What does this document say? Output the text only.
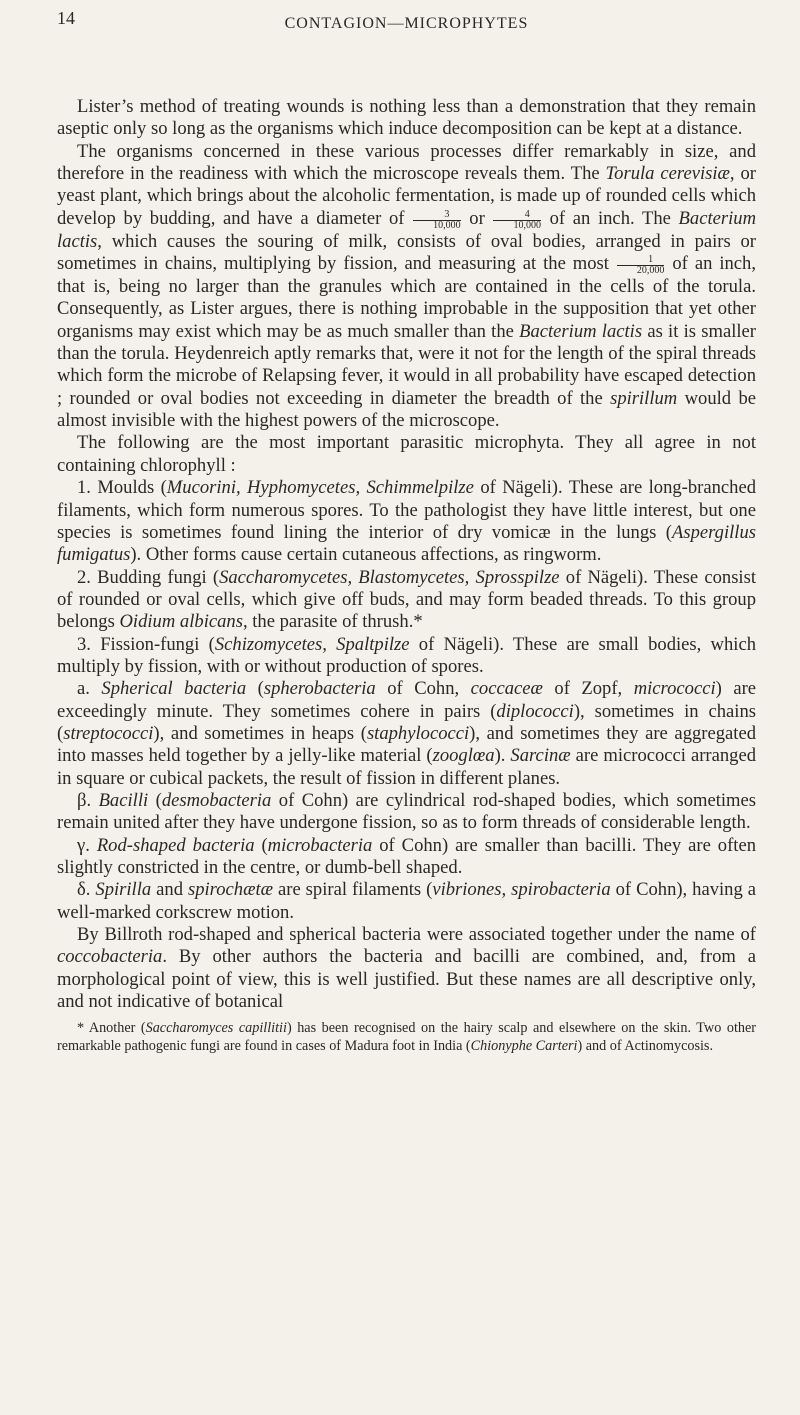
14	CONTAGION—MICROPHYTES

Lister’s method of treating wounds is nothing less than a demonstration that they remain aseptic only so long as the organisms which induce decomposition can be kept at a distance.

The organisms concerned in these various processes differ remarkably in size, and therefore in the readiness with which the microscope reveals them. The Torula cerevisiæ, or yeast plant, which brings about the alcoholic fermentation, is made up of rounded cells which develop by budding, and have a diameter of $\frac{3}{10,000}$ or $\frac{4}{10,000}$ of an inch. The Bacterium lactis, which causes the souring of milk, consists of oval bodies, arranged in pairs or sometimes in chains, multiplying by fission, and measuring at the most $\frac{1}{20,000}$ of an inch, that is, being no larger than the granules which are contained in the cells of the torula. Consequently, as Lister argues, there is nothing improbable in the supposition that yet other organisms may exist which may be as much smaller than the Bacterium lactis as it is smaller than the torula. Heydenreich aptly remarks that, were it not for the length of the spiral threads which form the microbe of Relapsing fever, it would in all probability have escaped detection ; rounded or oval bodies not exceeding in diameter the breadth of the spirillum would be almost invisible with the highest powers of the microscope.

The following are the most important parasitic microphyta. They all agree in not containing chlorophyll :

1. Moulds (Mucorini, Hyphomycetes, Schimmelpilze of Nägeli). These are long-branched filaments, which form numerous spores. To the pathologist they have little interest, but one species is sometimes found lining the interior of dry vomicæ in the lungs (Aspergillus fumigatus). Other forms cause certain cutaneous affections, as ringworm.

2. Budding fungi (Saccharomycetes, Blastomycetes, Sprosspilze of Nägeli). These consist of rounded or oval cells, which give off buds, and may form beaded threads. To this group belongs Oidium albicans, the parasite of thrush.*

3. Fission-fungi (Schizomycetes, Spaltpilze of Nägeli). These are small bodies, which multiply by fission, with or without production of spores.

a. Spherical bacteria (spherobacteria of Cohn, coccaceæ of Zopf, micrococci) are exceedingly minute. They sometimes cohere in pairs (diplococci), sometimes in chains (streptococci), and sometimes in heaps (staphylococci), and sometimes they are aggregated into masses held together by a jelly-like material (zooglœa). Sarcinæ are micrococci arranged in square or cubical packets, the result of fission in different planes.

β. Bacilli (desmobacteria of Cohn) are cylindrical rod-shaped bodies, which sometimes remain united after they have undergone fission, so as to form threads of considerable length.

γ. Rod-shaped bacteria (microbacteria of Cohn) are smaller than bacilli. They are often slightly constricted in the centre, or dumb-bell shaped.

δ. Spirilla and spirochætæ are spiral filaments (vibriones, spirobacteria of Cohn), having a well-marked corkscrew motion.

By Billroth rod-shaped and spherical bacteria were associated together under the name of coccobacteria. By other authors the bacteria and bacilli are combined, and, from a morphological point of view, this is well justified. But these names are all descriptive only, and not indicative of botanical

* Another (Saccharomyces capillitii) has been recognised on the hairy scalp and elsewhere on the skin. Two other remarkable pathogenic fungi are found in cases of Madura foot in India (Chionyphe Carteri) and of Actinomycosis.
